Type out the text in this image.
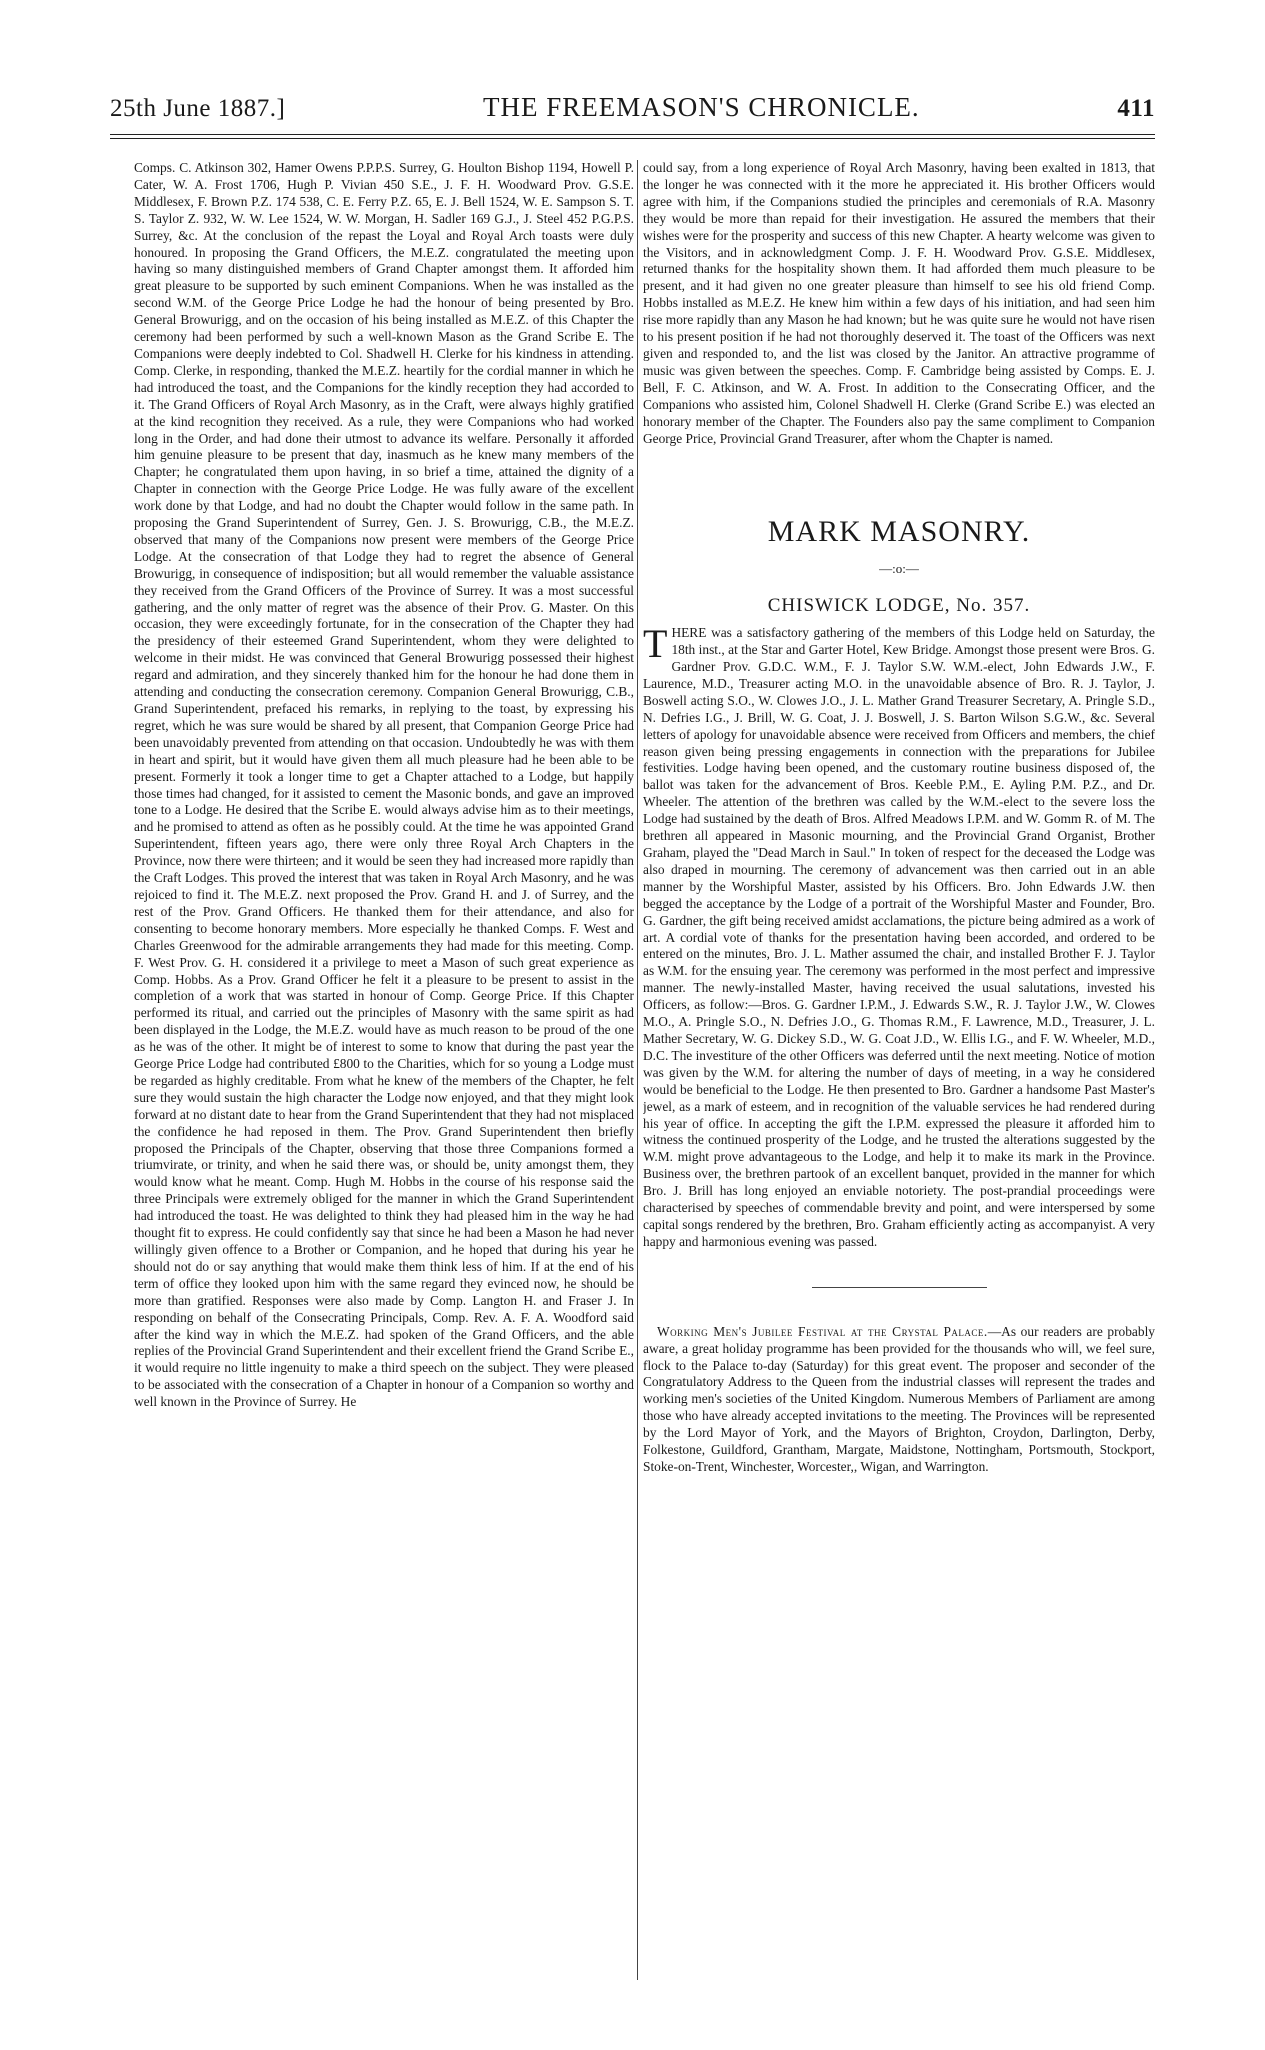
25th June 1887.]	THE FREEMASON'S CHRONICLE.	411

Comps. C. Atkinson 302, Hamer Owens P.P.P.S. Surrey, G. Houlton Bishop 1194, Howell P. Cater, W. A. Frost 1706, Hugh P. Vivian 450 S.E., J. F. H. Woodward Prov. G.S.E. Middlesex, F. Brown P.Z. 174 538, C. E. Ferry P.Z. 65, E. J. Bell 1524, W. E. Sampson S. T. S. Taylor Z. 932, W. W. Lee 1524, W. W. Morgan, H. Sadler 169 G.J., J. Steel 452 P.G.P.S. Surrey, &c. At the conclusion of the repast the Loyal and Royal Arch toasts were duly honoured. In proposing the Grand Officers, the M.E.Z. congratulated the meeting upon having so many distinguished members of Grand Chapter amongst them. It afforded him great pleasure to be supported by such eminent Companions. When he was installed as the second W.M. of the George Price Lodge he had the honour of being presented by Bro. General Browurigg, and on the occasion of his being installed as M.E.Z. of this Chapter the ceremony had been performed by such a well-known Mason as the Grand Scribe E. The Companions were deeply indebted to Col. Shadwell H. Clerke for his kindness in attending. Comp. Clerke, in responding, thanked the M.E.Z. heartily for the cordial manner in which he had introduced the toast, and the Companions for the kindly reception they had accorded to it. The Grand Officers of Royal Arch Masonry, as in the Craft, were always highly gratified at the kind recognition they received. As a rule, they were Companions who had worked long in the Order, and had done their utmost to advance its welfare. Personally it afforded him genuine pleasure to be present that day, inasmuch as he knew many members of the Chapter; he congratulated them upon having, in so brief a time, attained the dignity of a Chapter in connection with the George Price Lodge. He was fully aware of the excellent work done by that Lodge, and had no doubt the Chapter would follow in the same path. In proposing the Grand Superintendent of Surrey, Gen. J. S. Browurigg, C.B., the M.E.Z. observed that many of the Companions now present were members of the George Price Lodge. At the consecration of that Lodge they had to regret the absence of General Browurigg, in consequence of indisposition; but all would remember the valuable assistance they received from the Grand Officers of the Province of Surrey. It was a most successful gathering, and the only matter of regret was the absence of their Prov. G. Master. On this occasion, they were exceedingly fortunate, for in the consecration of the Chapter they had the presidency of their esteemed Grand Superintendent, whom they were delighted to welcome in their midst. He was convinced that General Browurigg possessed their highest regard and admiration, and they sincerely thanked him for the honour he had done them in attending and conducting the consecration ceremony. Companion General Browurigg, C.B., Grand Superintendent, prefaced his remarks, in replying to the toast, by expressing his regret, which he was sure would be shared by all present, that Companion George Price had been unavoidably prevented from attending on that occasion. Undoubtedly he was with them in heart and spirit, but it would have given them all much pleasure had he been able to be present. Formerly it took a longer time to get a Chapter attached to a Lodge, but happily those times had changed, for it assisted to cement the Masonic bonds, and gave an improved tone to a Lodge. He desired that the Scribe E. would always advise him as to their meetings, and he promised to attend as often as he possibly could. At the time he was appointed Grand Superintendent, fifteen years ago, there were only three Royal Arch Chapters in the Province, now there were thirteen; and it would be seen they had increased more rapidly than the Craft Lodges. This proved the interest that was taken in Royal Arch Masonry, and he was rejoiced to find it. The M.E.Z. next proposed the Prov. Grand H. and J. of Surrey, and the rest of the Prov. Grand Officers. He thanked them for their attendance, and also for consenting to become honorary members. More especially he thanked Comps. F. West and Charles Greenwood for the admirable arrangements they had made for this meeting. Comp. F. West Prov. G. H. considered it a privilege to meet a Mason of such great experience as Comp. Hobbs. As a Prov. Grand Officer he felt it a pleasure to be present to assist in the completion of a work that was started in honour of Comp. George Price. If this Chapter performed its ritual, and carried out the principles of Masonry with the same spirit as had been displayed in the Lodge, the M.E.Z. would have as much reason to be proud of the one as he was of the other. It might be of interest to some to know that during the past year the George Price Lodge had contributed £800 to the Charities, which for so young a Lodge must be regarded as highly creditable. From what he knew of the members of the Chapter, he felt sure they would sustain the high character the Lodge now enjoyed, and that they might look forward at no distant date to hear from the Grand Superintendent that they had not misplaced the confidence he had reposed in them. The Prov. Grand Superintendent then briefly proposed the Principals of the Chapter, observing that those three Companions formed a triumvirate, or trinity, and when he said there was, or should be, unity amongst them, they would know what he meant. Comp. Hugh M. Hobbs in the course of his response said the three Principals were extremely obliged for the manner in which the Grand Superintendent had introduced the toast. He was delighted to think they had pleased him in the way he had thought fit to express. He could confidently say that since he had been a Mason he had never willingly given offence to a Brother or Companion, and he hoped that during his year he should not do or say anything that would make them think less of him. If at the end of his term of office they looked upon him with the same regard they evinced now, he should be more than gratified. Responses were also made by Comp. Langton H. and Fraser J. In responding on behalf of the Consecrating Principals, Comp. Rev. A. F. A. Woodford said after the kind way in which the M.E.Z. had spoken of the Grand Officers, and the able replies of the Provincial Grand Superintendent and their excellent friend the Grand Scribe E., it would require no little ingenuity to make a third speech on the subject. They were pleased to be associated with the consecration of a Chapter in honour of a Companion so worthy and well known in the Province of Surrey. He

could say, from a long experience of Royal Arch Masonry, having been exalted in 1813, that the longer he was connected with it the more he appreciated it. His brother Officers would agree with him, if the Companions studied the principles and ceremonials of R.A. Masonry they would be more than repaid for their investigation. He assured the members that their wishes were for the prosperity and success of this new Chapter. A hearty welcome was given to the Visitors, and in acknowledgment Comp. J. F. H. Woodward Prov. G.S.E. Middlesex, returned thanks for the hospitality shown them. It had afforded them much pleasure to be present, and it had given no one greater pleasure than himself to see his old friend Comp. Hobbs installed as M.E.Z. He knew him within a few days of his initiation, and had seen him rise more rapidly than any Mason he had known; but he was quite sure he would not have risen to his present position if he had not thoroughly deserved it. The toast of the Officers was next given and responded to, and the list was closed by the Janitor. An attractive programme of music was given between the speeches. Comp. F. Cambridge being assisted by Comps. E. J. Bell, F. C. Atkinson, and W. A. Frost. In addition to the Consecrating Officer, and the Companions who assisted him, Colonel Shadwell H. Clerke (Grand Scribe E.) was elected an honorary member of the Chapter. The Founders also pay the same compliment to Companion George Price, Provincial Grand Treasurer, after whom the Chapter is named.

MARK MASONRY.
—:o:—
CHISWICK LODGE, No. 357.

THERE was a satisfactory gathering of the members of this Lodge held on Saturday, the 18th inst., at the Star and Garter Hotel, Kew Bridge. Amongst those present were Bros. G. Gardner Prov. G.D.C. W.M., F. J. Taylor S.W. W.M.-elect, John Edwards J.W., F. Laurence, M.D., Treasurer acting M.O. in the unavoidable absence of Bro. R. J. Taylor, J. Boswell acting S.O., W. Clowes J.O., J. L. Mather Grand Treasurer Secretary, A. Pringle S.D., N. Defries I.G., J. Brill, W. G. Coat, J. J. Boswell, J. S. Barton Wilson S.G.W., &c. Several letters of apology for unavoidable absence were received from Officers and members, the chief reason given being pressing engagements in connection with the preparations for Jubilee festivities. Lodge having been opened, and the customary routine business disposed of, the ballot was taken for the advancement of Bros. Keeble P.M., E. Ayling P.M. P.Z., and Dr. Wheeler. The attention of the brethren was called by the W.M.-elect to the severe loss the Lodge had sustained by the death of Bros. Alfred Meadows I.P.M. and W. Gomm R. of M. The brethren all appeared in Masonic mourning, and the Provincial Grand Organist, Brother Graham, played the "Dead March in Saul." In token of respect for the deceased the Lodge was also draped in mourning. The ceremony of advancement was then carried out in an able manner by the Worshipful Master, assisted by his Officers. Bro. John Edwards J.W. then begged the acceptance by the Lodge of a portrait of the Worshipful Master and Founder, Bro. G. Gardner, the gift being received amidst acclamations, the picture being admired as a work of art. A cordial vote of thanks for the presentation having been accorded, and ordered to be entered on the minutes, Bro. J. L. Mather assumed the chair, and installed Brother F. J. Taylor as W.M. for the ensuing year. The ceremony was performed in the most perfect and impressive manner. The newly-installed Master, having received the usual salutations, invested his Officers, as follow:—Bros. G. Gardner I.P.M., J. Edwards S.W., R. J. Taylor J.W., W. Clowes M.O., A. Pringle S.O., N. Defries J.O., G. Thomas R.M., F. Lawrence, M.D., Treasurer, J. L. Mather Secretary, W. G. Dickey S.D., W. G. Coat J.D., W. Ellis I.G., and F. W. Wheeler, M.D., D.C. The investiture of the other Officers was deferred until the next meeting. Notice of motion was given by the W.M. for altering the number of days of meeting, in a way he considered would be beneficial to the Lodge. He then presented to Bro. Gardner a handsome Past Master's jewel, as a mark of esteem, and in recognition of the valuable services he had rendered during his year of office. In accepting the gift the I.P.M. expressed the pleasure it afforded him to witness the continued prosperity of the Lodge, and he trusted the alterations suggested by the W.M. might prove advantageous to the Lodge, and help it to make its mark in the Province. Business over, the brethren partook of an excellent banquet, provided in the manner for which Bro. J. Brill has long enjoyed an enviable notoriety. The post-prandial proceedings were characterised by speeches of commendable brevity and point, and were interspersed by some capital songs rendered by the brethren, Bro. Graham efficiently acting as accompanyist. A very happy and harmonious evening was passed.

Working Men's Jubilee Festival at the Crystal Palace.—As our readers are probably aware, a great holiday programme has been provided for the thousands who will, we feel sure, flock to the Palace to-day (Saturday) for this great event. The proposer and seconder of the Congratulatory Address to the Queen from the industrial classes will represent the trades and working men's societies of the United Kingdom. Numerous Members of Parliament are among those who have already accepted invitations to the meeting. The Provinces will be represented by the Lord Mayor of York, and the Mayors of Brighton, Croydon, Darlington, Derby, Folkestone, Guildford, Grantham, Margate, Maidstone, Nottingham, Portsmouth, Stockport, Stoke-on-Trent, Winchester, Worcester,, Wigan, and Warrington.
